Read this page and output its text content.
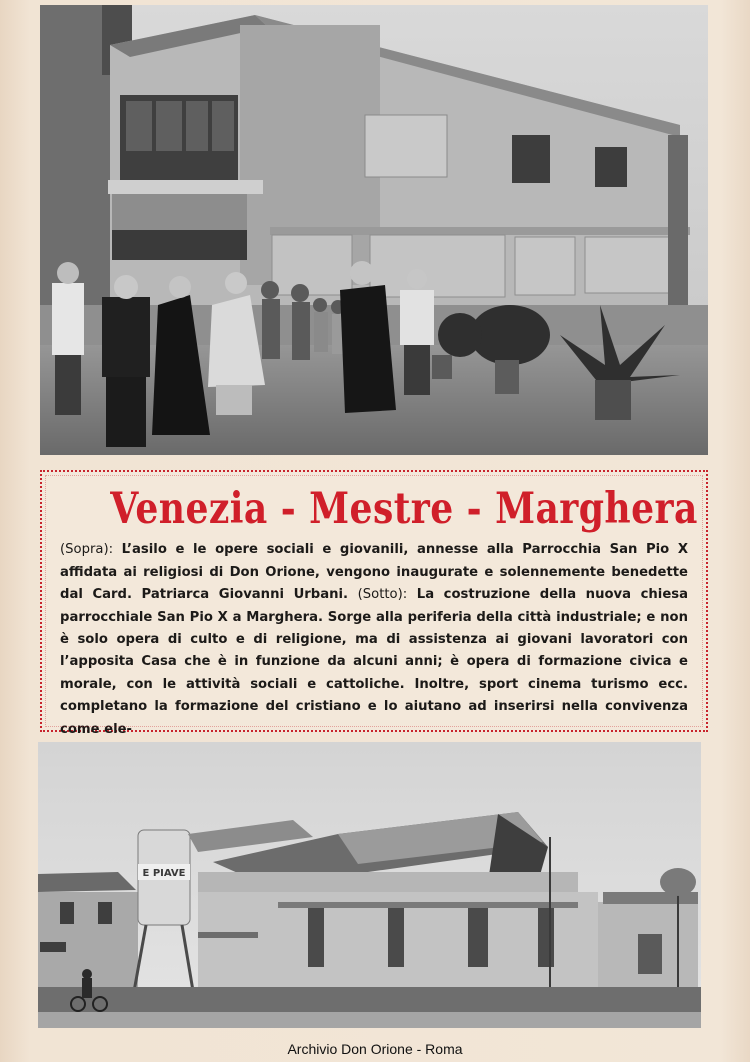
Venezia - Mestre - Marghera
(Sopra): L’asilo e le opere sociali e giovanili, annesse alla Parrocchia San Pio X affidata ai religiosi di Don Orione, vengono inaugurate e solennemente benedette dal Card. Patriarca Giovanni Urbani. (Sotto): La costruzione della nuova chiesa parrocchiale San Pio X a Marghera. Sorge alla periferia della città industriale; e non è solo opera di culto e di religione, ma di assistenza ai giovani lavoratori con l’apposita Casa che è in funzione da alcuni anni; è opera di formazione civica e morale, con le attività sociali e cattoliche. Inoltre, sport cinema turismo ecc. completano la formazione del cristiano e lo aiutano ad inserirsi nella convivenza come ele-
E PIAVE
Archivio Don Orione - Roma
